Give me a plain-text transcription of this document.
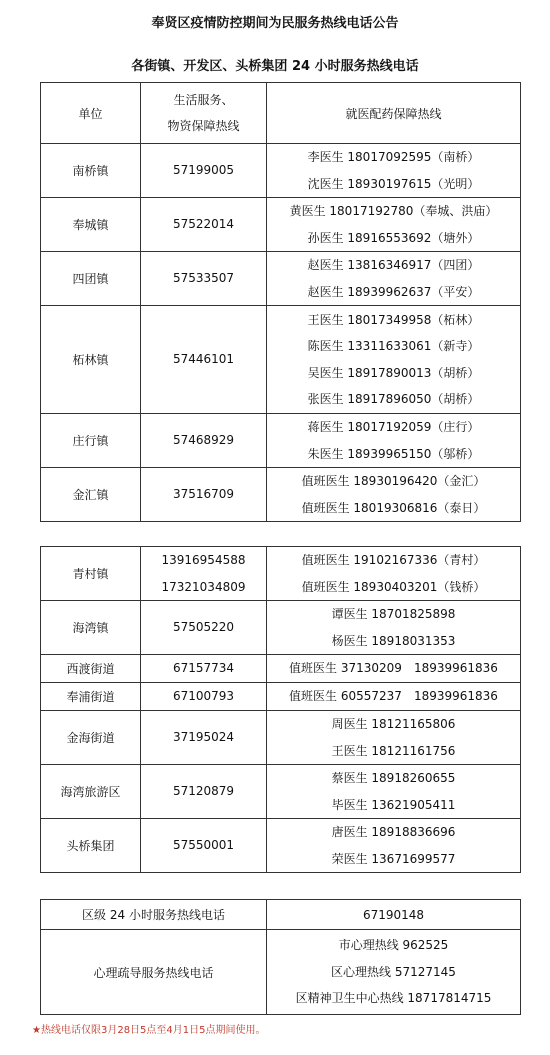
奉贤区疫情防控期间为民服务热线电话公告
各街镇、开发区、头桥集团 24 小时服务热线电话
单位	生活服务、
物资保障热线	就医配药保障热线
南桥镇	57199005	李医生 18017092595（南桥）
沈医生 18930197615（光明）

奉城镇	57522014	黄医生 18017192780（奉城、洪庙）
孙医生 18916553692（塘外）

四团镇	57533507	赵医生 13816346917（四团）
赵医生 18939962637（平安）

柘林镇	57446101	王医生 18017349958（柘林）
陈医生 13311633061（新寺）
吴医生 18917890013（胡桥）
张医生 18917896050（胡桥）

庄行镇	57468929	蒋医生 18017192059（庄行）
朱医生 18939965150（邬桥）

金汇镇	37516709	值班医生 18930196420（金汇）
值班医生 18019306816（泰日）
青村镇	13916954588
17321034809	值班医生 19102167336（青村）
值班医生 18930403201（钱桥）

海湾镇	57505220	谭医生 18701825898
杨医生 18918031353

西渡街道	67157734	值班医生 37130209　18939961836

奉浦街道	67100793	值班医生 60557237　18939961836

金海街道	37195024	周医生 18121165806
王医生 18121161756

海湾旅游区	57120879	蔡医生 18918260655
毕医生 13621905411

头桥集团	57550001	唐医生 18918836696
荣医生 13671699577
区级 24 小时服务热线电话	67190148
心理疏导服务热线电话	市心理热线 962525
区心理热线 57127145
区精神卫生中心热线 18717814715
★热线电话仅限3月28日5点至4月1日5点期间使用。
